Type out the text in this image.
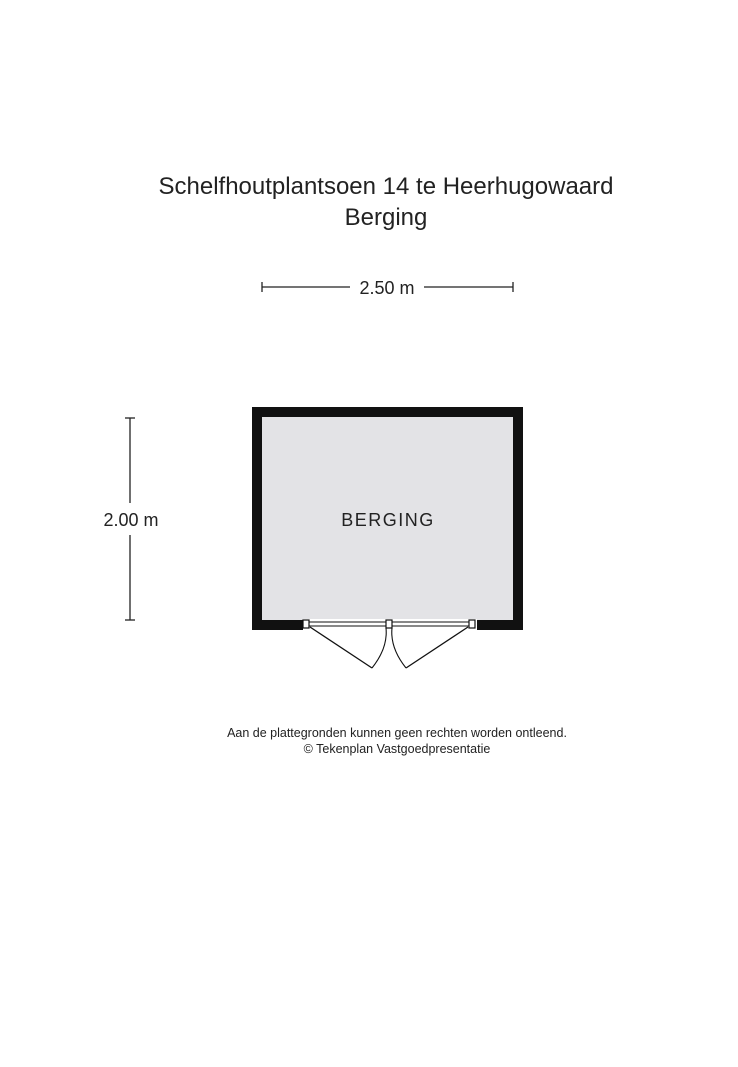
Schelfhoutplantsoen 14 te Heerhugowaard
Berging
2.50 m
2.00 m	BERGING
Aan de plattegronden kunnen geen rechten worden ontleend.
© Tekenplan Vastgoedpresentatie
